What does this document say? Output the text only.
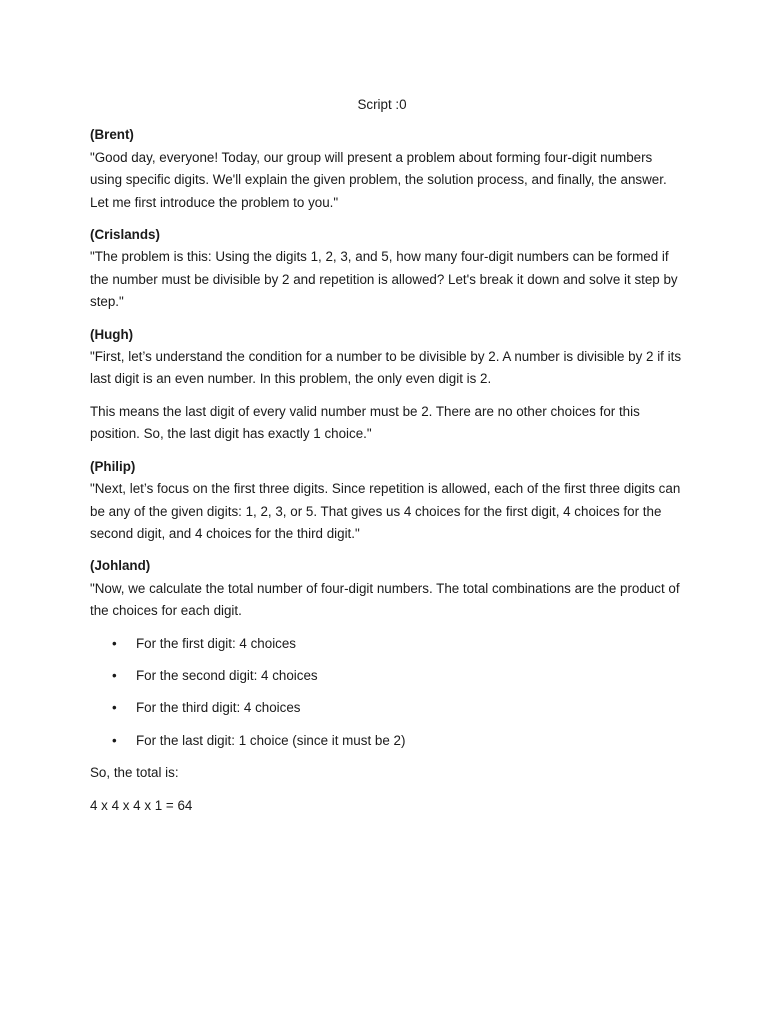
Script :0

(Brent)

"Good day, everyone! Today, our group will present a problem about forming four-digit numbers using specific digits. We'll explain the given problem, the solution process, and finally, the answer. Let me first introduce the problem to you."

(Crislands)

"The problem is this: Using the digits 1, 2, 3, and 5, how many four-digit numbers can be formed if the number must be divisible by 2 and repetition is allowed? Let's break it down and solve it step by step."

(Hugh)

"First, let’s understand the condition for a number to be divisible by 2. A number is divisible by 2 if its last digit is an even number. In this problem, the only even digit is 2.

This means the last digit of every valid number must be 2. There are no other choices for this position. So, the last digit has exactly 1 choice."

(Philip)

"Next, let’s focus on the first three digits. Since repetition is allowed, each of the first three digits can be any of the given digits: 1, 2, 3, or 5. That gives us 4 choices for the first digit, 4 choices for the second digit, and 4 choices for the third digit."

(Johland)

"Now, we calculate the total number of four-digit numbers. The total combinations are the product of the choices for each digit.

• For the first digit: 4 choices
• For the second digit: 4 choices
• For the third digit: 4 choices
• For the last digit: 1 choice (since it must be 2)

So, the total is:

4 x 4 x 4 x 1 = 64
